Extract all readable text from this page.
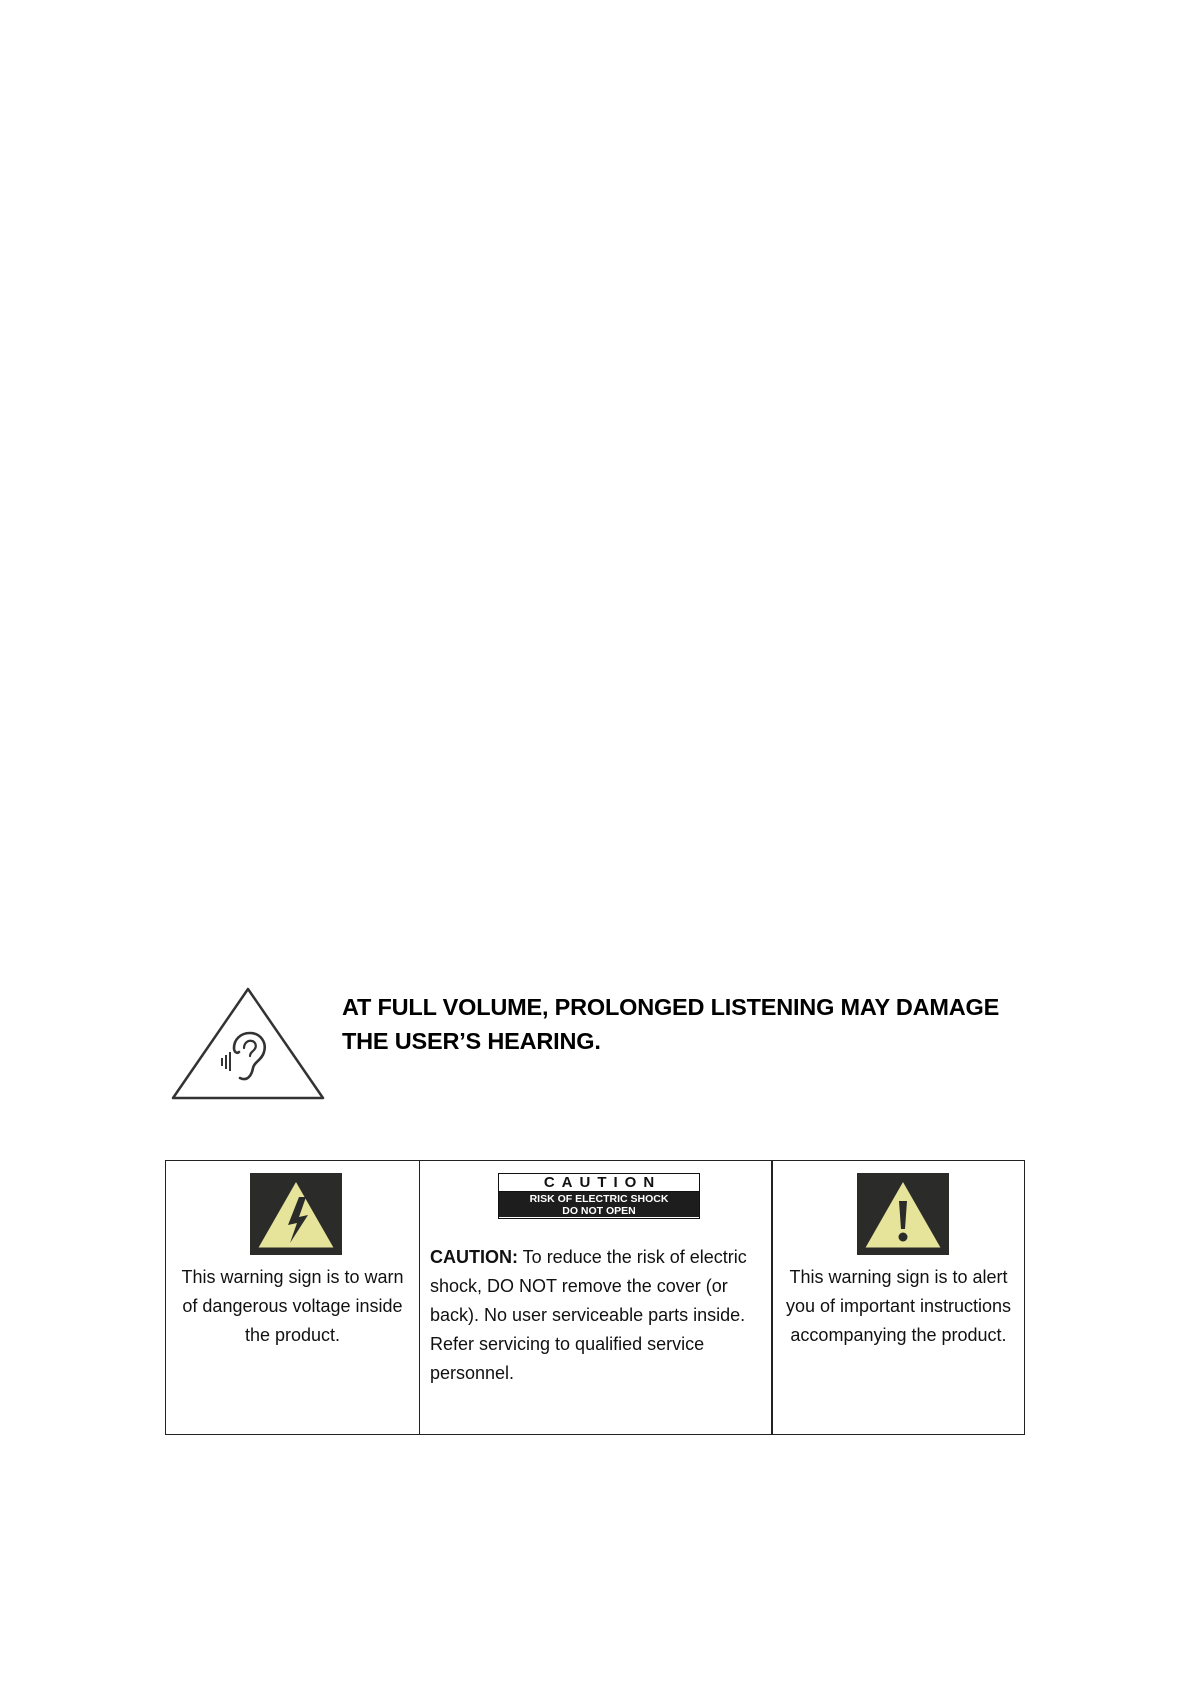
AT FULL VOLUME, PROLONGED LISTENING MAY DAMAGE THE USER’S HEARING.

This warning sign is to warn of dangerous voltage inside the product.

CAUTION
RISK OF ELECTRIC SHOCK
DO NOT OPEN

CAUTION: To reduce the risk of electric shock, DO NOT remove the cover (or back). No user serviceable parts inside. Refer servicing to qualified service personnel.

This warning sign is to alert you of important instructions accompanying the product.
